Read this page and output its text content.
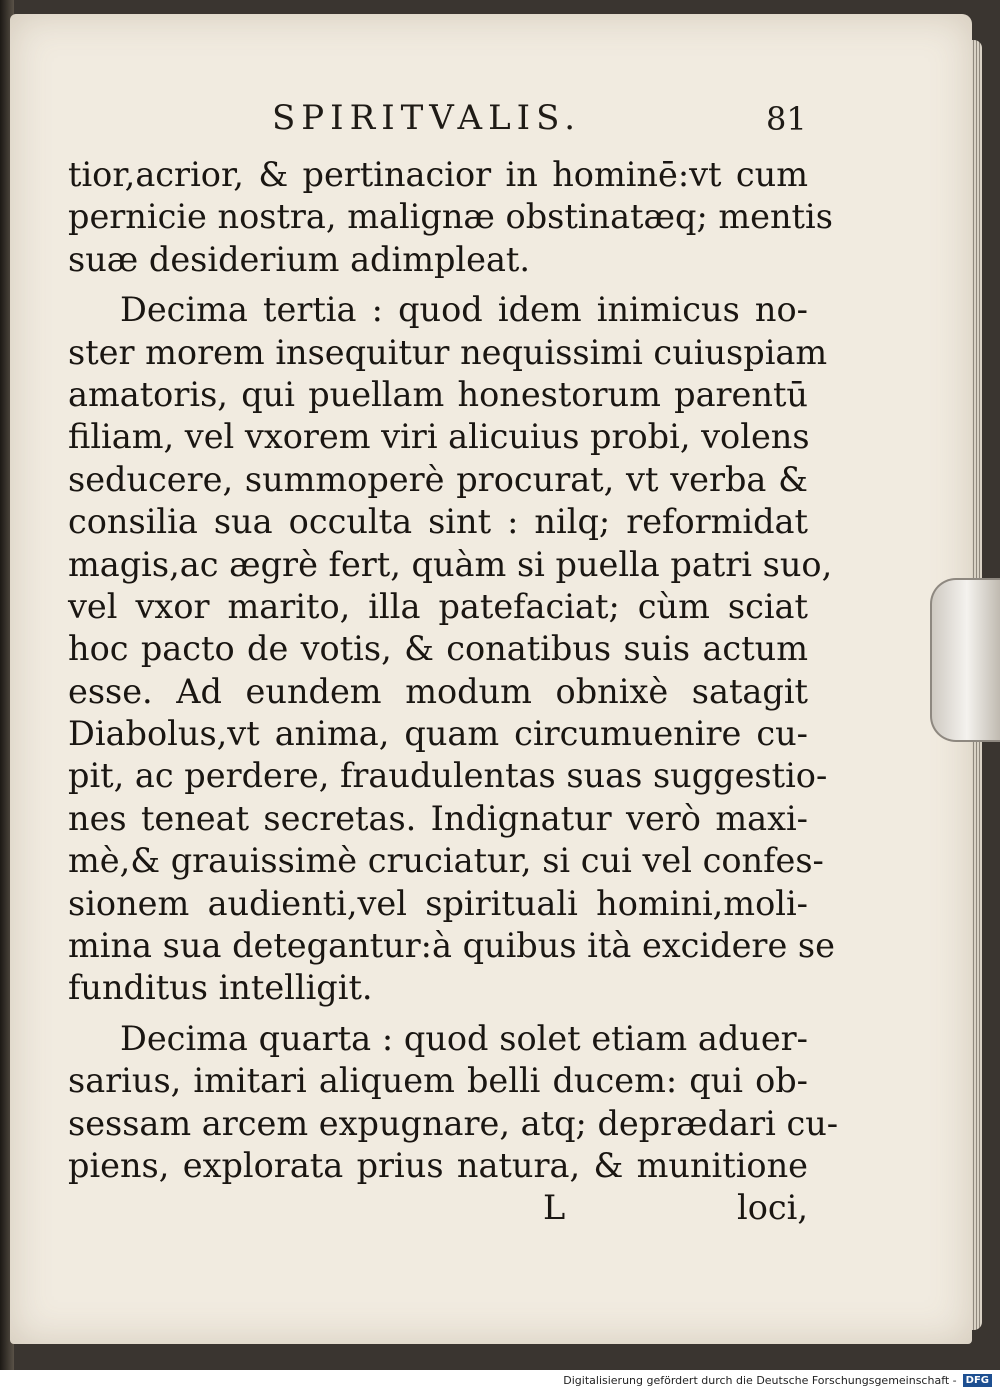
SPIRITVALIS.	81
tior,acrior, & pertinacior in hominē:vt cum
pernicie nostra, malignæ obstinatæq; mentis
suæ desiderium adimpleat.
Decima tertia : quod idem inimicus no-
ster morem insequitur nequissimi cuiuspiam
amatoris, qui puellam honestorum parentū
filiam, vel vxorem viri alicuius probi, volens
seducere, summoperè procurat, vt verba &
consilia sua occulta sint : nilq; reformidat
magis,ac ægrè fert, quàm si puella patri suo,
vel vxor marito, illa patefaciat; cùm sciat
hoc pacto de votis, & conatibus suis actum
esse. Ad eundem modum obnixè satagit
Diabolus,vt anima, quam circumuenire cu-
pit, ac perdere, fraudulentas suas suggestio-
nes teneat secretas. Indignatur verò maxi-
mè,& grauissimè cruciatur, si cui vel confes-
sionem audienti,vel spirituali homini,moli-
mina sua detegantur:à quibus ità excidere se
funditus intelligit.
Decima quarta : quod solet etiam aduer-
sarius, imitari aliquem belli ducem: qui ob-
sessam arcem expugnare, atq; deprædari cu-
piens, explorata prius natura, & munitione
L	loci,
Digitalisierung gefördert durch die Deutsche Forschungsgemeinschaft - DFG
